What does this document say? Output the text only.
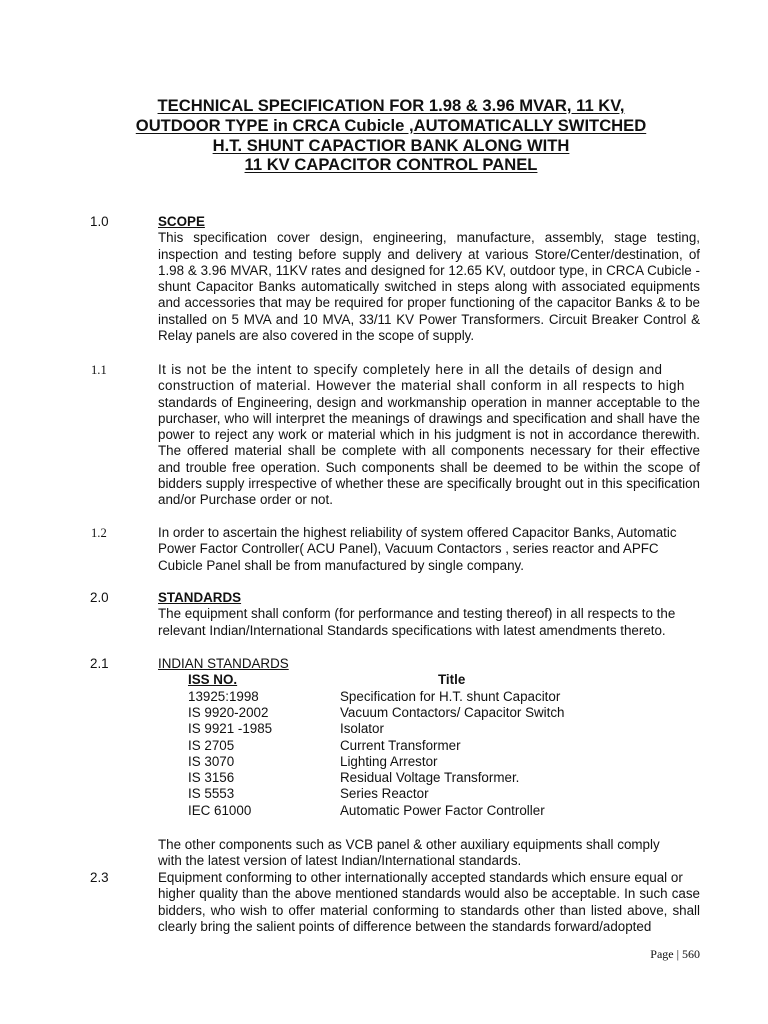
TECHNICAL SPECIFICATION FOR 1.98 & 3.96 MVAR, 11 KV,
OUTDOOR TYPE in CRCA Cubicle ,AUTOMATICALLY SWITCHED
H.T. SHUNT CAPACTIOR BANK ALONG WITH
11 KV CAPACITOR CONTROL PANEL
1.0	SCOPE
This specification cover design, engineering, manufacture, assembly, stage testing, inspection and testing before supply and delivery at various Store/Center/destination, of 1.98 & 3.96 MVAR, 11KV rates and designed for 12.65 KV, outdoor type, in CRCA Cubicle - shunt Capacitor Banks automatically switched in steps along with associated equipments and accessories that may be required for proper functioning of the capacitor Banks & to be installed on 5 MVA and 10 MVA, 33/11 KV Power Transformers. Circuit Breaker Control & Relay panels are also covered in the scope of supply.
1.1	It is not be the intent to specify completely here in all the details of design and
construction of material. However the material shall conform in all respects to high
standards of Engineering, design and workmanship operation in manner acceptable to the purchaser, who will interpret the meanings of drawings and specification and shall have the power to reject any work or material which in his judgment is not in accordance therewith. The offered material shall be complete with all components necessary for their effective and trouble free operation. Such components shall be deemed to be within the scope of bidders supply irrespective of whether these are specifically brought out in this specification and/or Purchase order or not.
1.2	In order to ascertain the highest reliability of system offered Capacitor Banks, Automatic
Power Factor Controller( ACU Panel), Vacuum Contactors , series reactor and APFC
Cubicle Panel shall be from manufactured by single company.
2.0	STANDARDS
The equipment shall conform (for performance and testing thereof) in all respects to the
relevant Indian/International Standards specifications with latest amendments thereto.
2.1	INDIAN STANDARDS
ISS NO.	Title
13925:1998	Specification for H.T. shunt Capacitor
IS 9920-2002	Vacuum Contactors/ Capacitor Switch
IS 9921 -1985	Isolator
IS 2705	Current Transformer
IS 3070	Lighting Arrestor
IS 3156	Residual Voltage Transformer.
IS 5553	Series Reactor
IEC 61000	Automatic Power Factor Controller
The other components such as VCB panel & other auxiliary equipments shall comply
with the latest version of latest Indian/International standards.
2.3	Equipment conforming to other internationally accepted standards which ensure equal or
higher quality than the above mentioned standards would also be acceptable. In such case bidders, who wish to offer material conforming to standards other than listed above, shall clearly bring the salient points of difference between the standards forward/adopted
Page | 560
